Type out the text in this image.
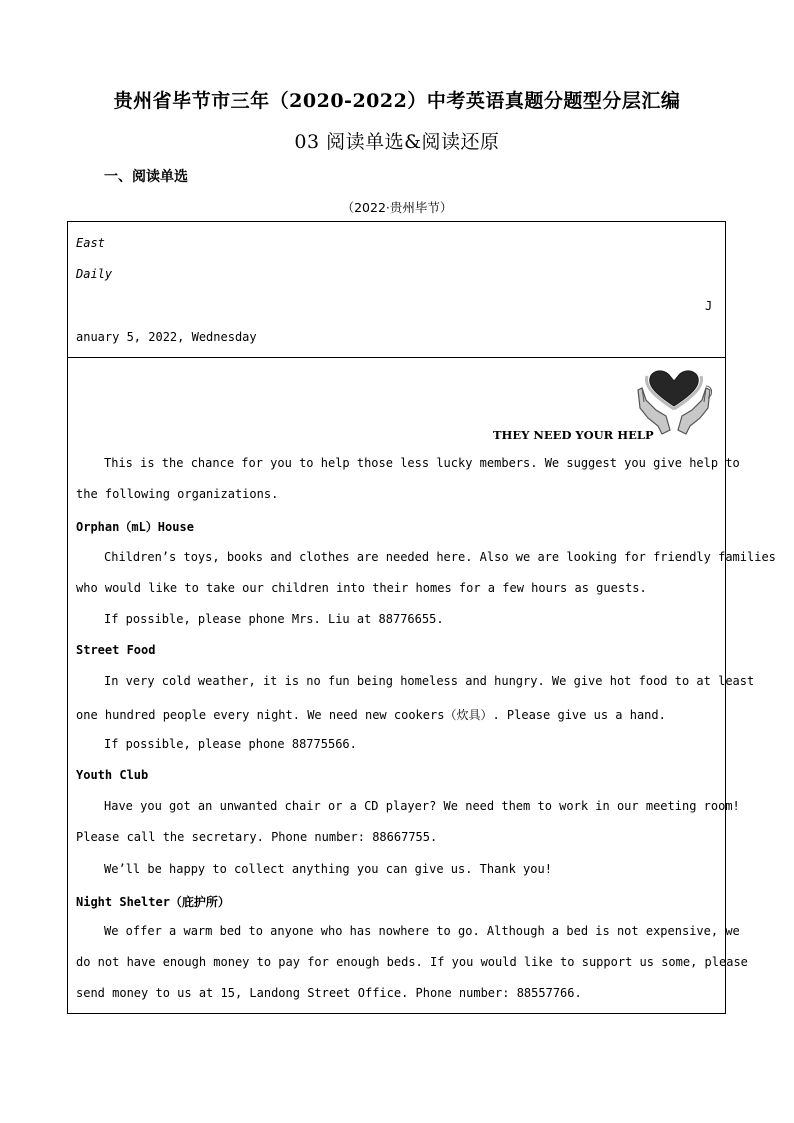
贵州省毕节市三年（2020-2022）中考英语真题分题型分层汇编
03 阅读单选&阅读还原
一、阅读单选
（2022·贵州毕节）
East
Daily
J
anuary 5, 2022, Wednesday
THEY NEED YOUR HELP
This is the chance for you to help those less lucky members. We suggest you give help to
the following organizations.
Orphan（mL）House
Children’s toys, books and clothes are needed here. Also we are looking for friendly families
who would like to take our children into their homes for a few hours as guests.
If possible, please phone Mrs. Liu at 88776655.
Street Food
In very cold weather, it is no fun being homeless and hungry. We give hot food to at least
one hundred people every night. We need new cookers（炊具）. Please give us a hand.
If possible, please phone 88775566.
Youth Club
Have you got an unwanted chair or a CD player? We need them to work in our meeting room!
Please call the secretary. Phone number: 88667755.
We’ll be happy to collect anything you can give us. Thank you!
Night Shelter（庇护所）
We offer a warm bed to anyone who has nowhere to go. Although a bed is not expensive, we
do not have enough money to pay for enough beds. If you would like to support us some, please
send money to us at 15, Landong Street Office. Phone number: 88557766.
